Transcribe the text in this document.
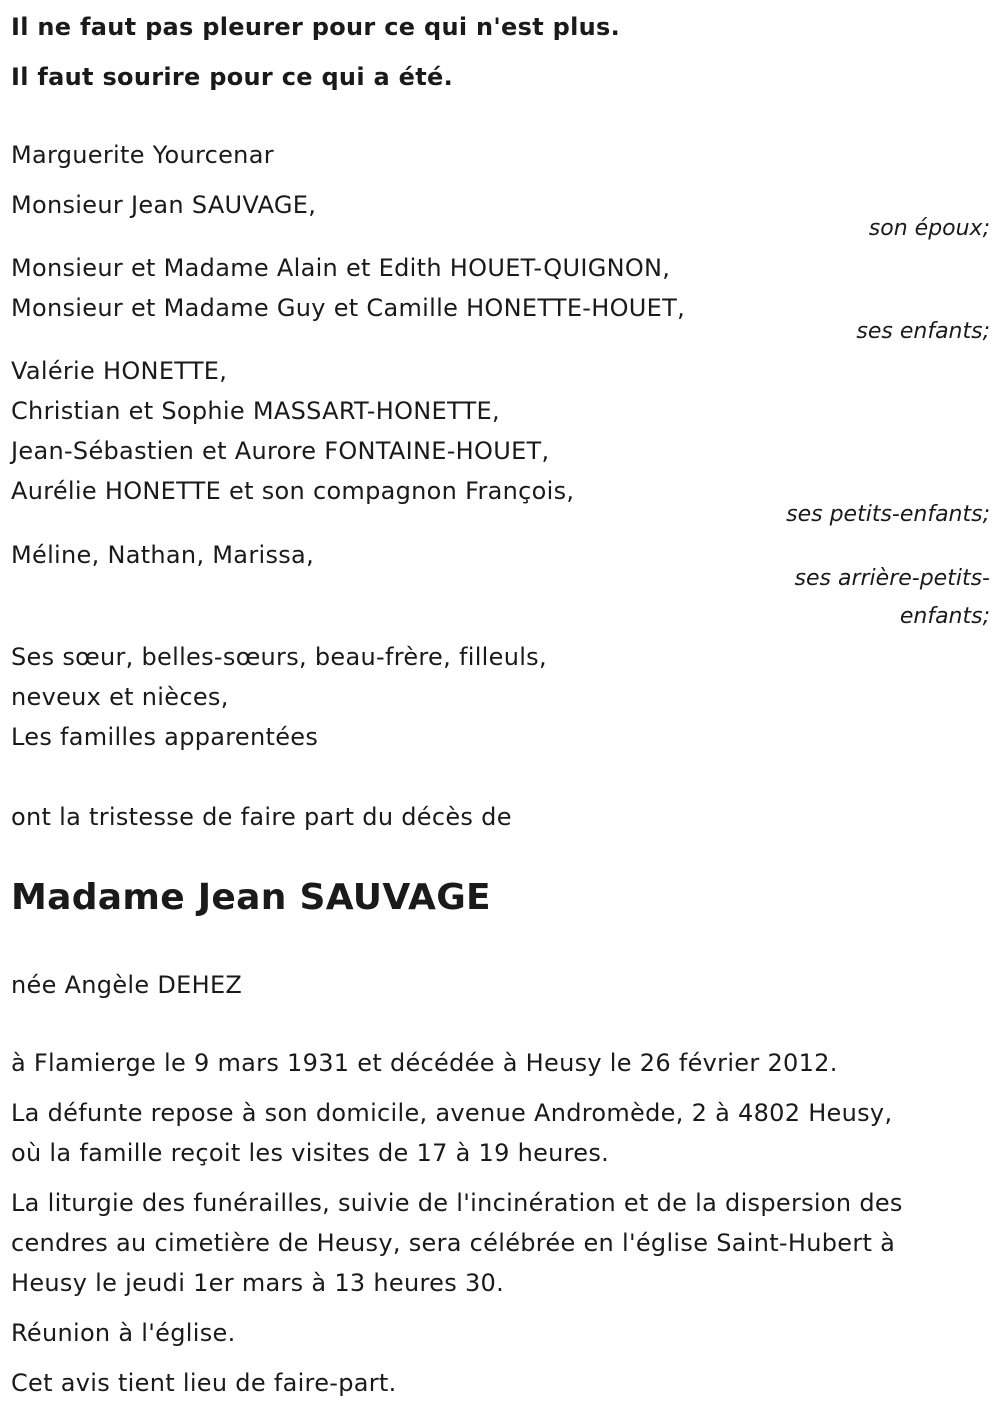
Il ne faut pas pleurer pour ce qui n'est plus.
Il faut sourire pour ce qui a été.
Marguerite Yourcenar
Monsieur Jean SAUVAGE,
son époux;
Monsieur et Madame Alain et Edith HOUET-QUIGNON,
Monsieur et Madame Guy et Camille HONETTE-HOUET,
ses enfants;
Valérie HONETTE,
Christian et Sophie MASSART-HONETTE,
Jean-Sébastien et Aurore FONTAINE-HOUET,
Aurélie HONETTE et son compagnon François,
ses petits-enfants;
Méline, Nathan, Marissa,
ses arrière-petits-
enfants;
Ses sœur, belles-sœurs, beau-frère, filleuls,
neveux et nièces,
Les familles apparentées
ont la tristesse de faire part du décès de
Madame Jean SAUVAGE
née Angèle DEHEZ
à Flamierge le 9 mars 1931 et décédée à Heusy le 26 février 2012.
La défunte repose à son domicile, avenue Andromède, 2 à 4802 Heusy,
où la famille reçoit les visites de 17 à 19 heures.
La liturgie des funérailles, suivie de l'incinération et de la dispersion des
cendres au cimetière de Heusy, sera célébrée en l'église Saint-Hubert à
Heusy le jeudi 1er mars à 13 heures 30.
Réunion à l'église.
Cet avis tient lieu de faire-part.
